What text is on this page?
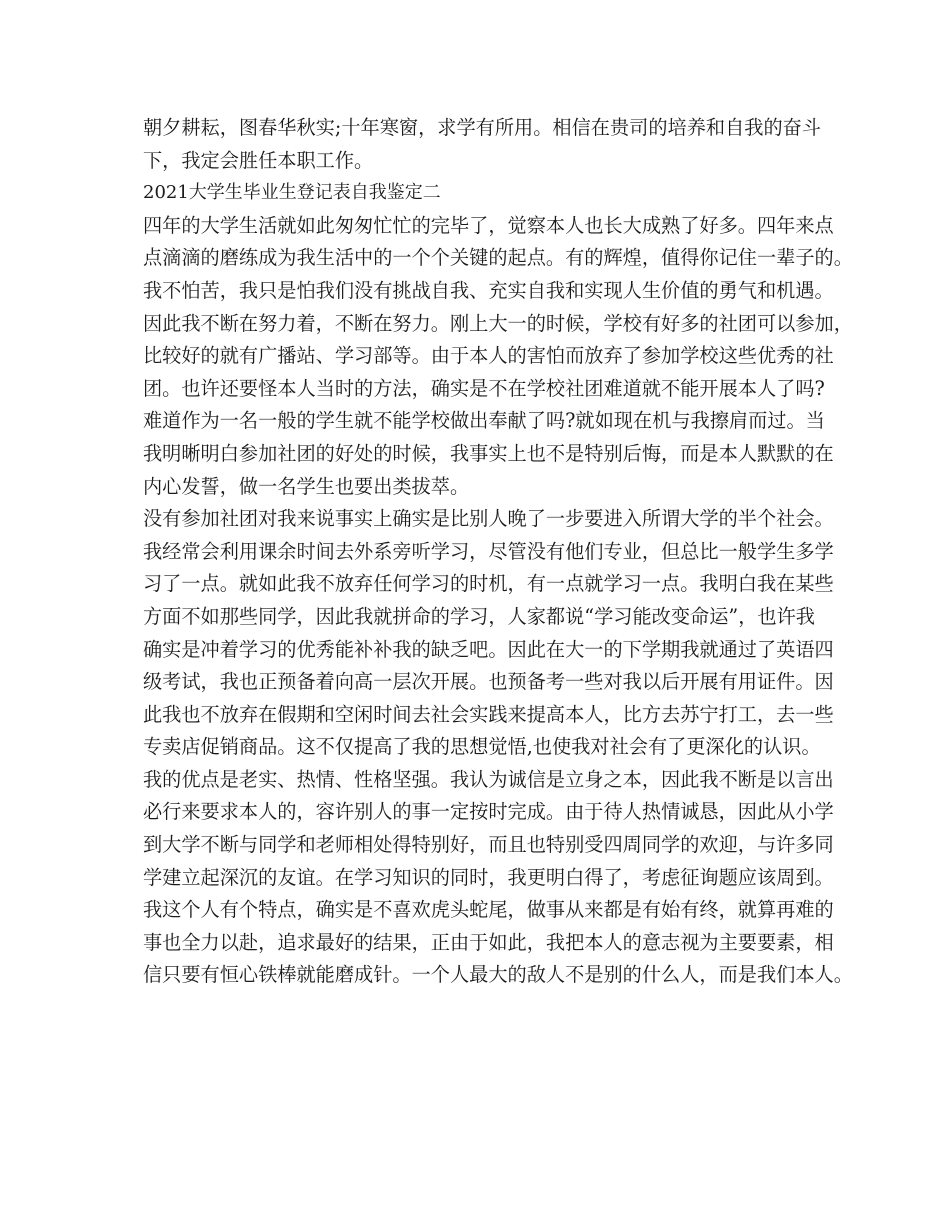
朝夕耕耘，图春华秋实;十年寒窗，求学有所用。相信在贵司的培养和自我的奋斗
下，我定会胜任本职工作。
2021大学生毕业生登记表自我鉴定二
四年的大学生活就如此匆匆忙忙的完毕了，觉察本人也长大成熟了好多。四年来点
点滴滴的磨练成为我生活中的一个个关键的起点。有的辉煌，值得你记住一辈子的。
我不怕苦，我只是怕我们没有挑战自我、充实自我和实现人生价值的勇气和机遇。
因此我不断在努力着，不断在努力。刚上大一的时候，学校有好多的社团可以参加，
比较好的就有广播站、学习部等。由于本人的害怕而放弃了参加学校这些优秀的社
团。也许还要怪本人当时的方法，确实是不在学校社团难道就不能开展本人了吗?
难道作为一名一般的学生就不能学校做出奉献了吗?就如现在机与我擦肩而过。当
我明晰明白参加社团的好处的时候，我事实上也不是特别后悔，而是本人默默的在
内心发誓，做一名学生也要出类拔萃。
没有参加社团对我来说事实上确实是比别人晚了一步要进入所谓大学的半个社会。
我经常会利用课余时间去外系旁听学习，尽管没有他们专业，但总比一般学生多学
习了一点。就如此我不放弃任何学习的时机，有一点就学习一点。我明白我在某些
方面不如那些同学，因此我就拼命的学习，人家都说“学习能改变命运”，也许我
确实是冲着学习的优秀能补补我的缺乏吧。因此在大一的下学期我就通过了英语四
级考试，我也正预备着向高一层次开展。也预备考一些对我以后开展有用证件。因
此我也不放弃在假期和空闲时间去社会实践来提高本人，比方去苏宁打工，去一些
专卖店促销商品。这不仅提高了我的思想觉悟,也使我对社会有了更深化的认识。
我的优点是老实、热情、性格坚强。我认为诚信是立身之本，因此我不断是以言出
必行来要求本人的，容许别人的事一定按时完成。由于待人热情诚恳，因此从小学
到大学不断与同学和老师相处得特别好，而且也特别受四周同学的欢迎，与许多同
学建立起深沉的友谊。在学习知识的同时，我更明白得了，考虑征询题应该周到。
我这个人有个特点，确实是不喜欢虎头蛇尾，做事从来都是有始有终，就算再难的
事也全力以赴，追求最好的结果，正由于如此，我把本人的意志视为主要要素，相
信只要有恒心铁棒就能磨成针。一个人最大的敌人不是别的什么人，而是我们本人。
